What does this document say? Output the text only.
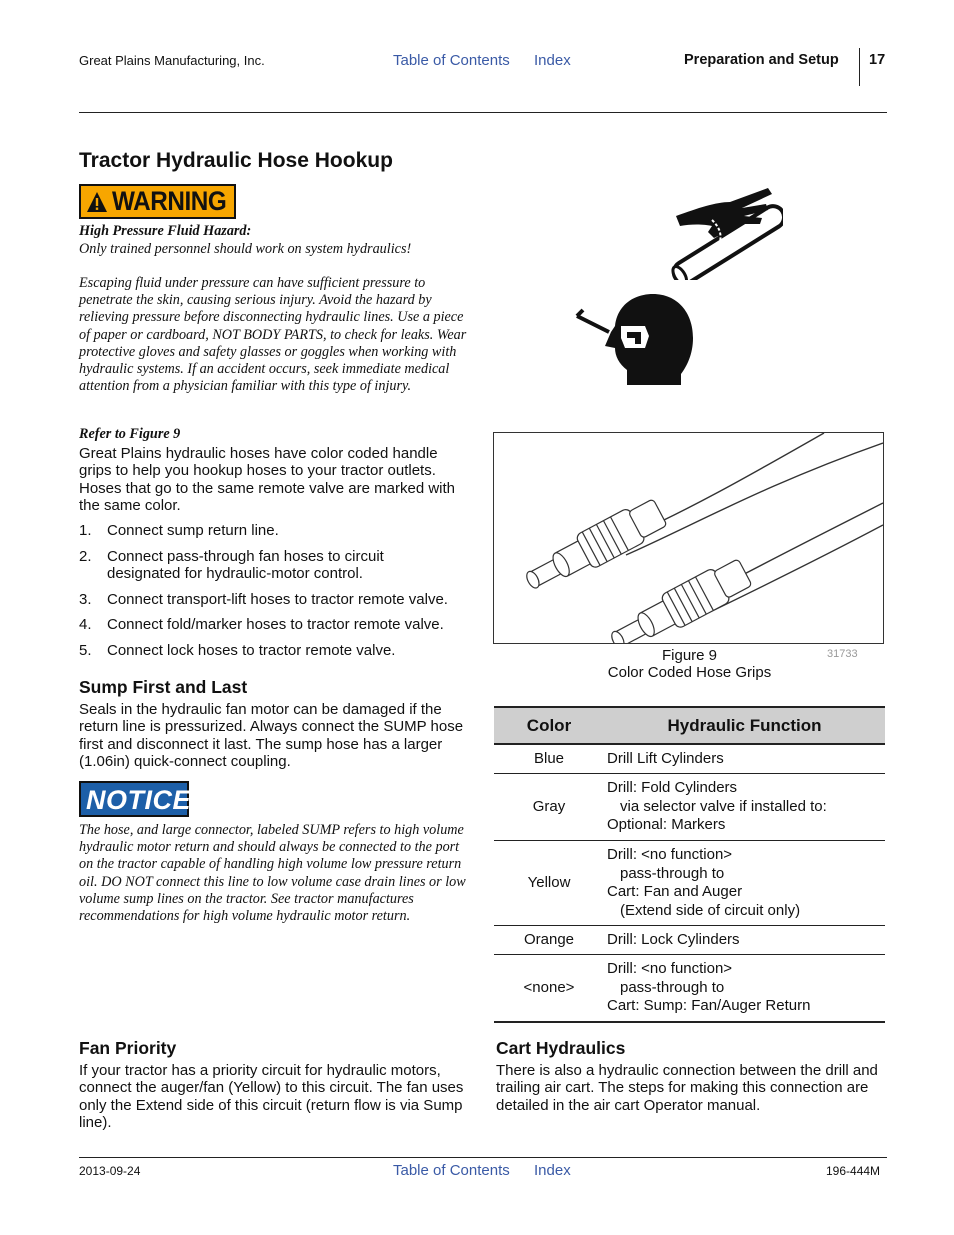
Great Plains Manufacturing, Inc.	Table of Contents Index	Preparation and Setup 17
Tractor Hydraulic Hose Hookup
WARNING
High Pressure Fluid Hazard:
Only trained personnel should work on system hydraulics!
Escaping fluid under pressure can have sufficient pressure to penetrate the skin, causing serious injury. Avoid the hazard by relieving pressure before disconnecting hydraulic lines. Use a piece of paper or cardboard, NOT BODY PARTS, to check for leaks. Wear protective gloves and safety glasses or goggles when working with hydraulic systems. If an accident occurs, seek immediate medical attention from a physician familiar with this type of injury.
Refer to Figure 9
Great Plains hydraulic hoses have color coded handle grips to help you hookup hoses to your tractor outlets. Hoses that go to the same remote valve are marked with the same color.
1. Connect sump return line.
2. Connect pass-through fan hoses to circuit designated for hydraulic-motor control.
3. Connect transport-lift hoses to tractor remote valve.
4. Connect fold/marker hoses to tractor remote valve.
5. Connect lock hoses to tractor remote valve.
Sump First and Last
Seals in the hydraulic fan motor can be damaged if the return line is pressurized. Always connect the SUMP hose first and disconnect it last. The sump hose has a larger (1.06in) quick-connect coupling.
NOTICE
The hose, and large connector, labeled SUMP refers to high volume hydraulic motor return and should always be connected to the port on the tractor capable of handling high volume low pressure return oil. DO NOT connect this line to low volume case drain lines or low volume sump lines on the tractor. See tractor manufactures recommendations for high volume hydraulic motor return.
Fan Priority
If your tractor has a priority circuit for hydraulic motors, connect the auger/fan (Yellow) to this circuit. The fan uses only the Extend side of this circuit (return flow is via Sump line).
Figure 9
Color Coded Hose Grips
31733
Color	Hydraulic Function
Blue	Drill Lift Cylinders

Gray	Drill: Fold Cylinders
via selector valve if installed to:
Optional: Markers

Yellow	Drill: <no function>
pass-through to
Cart: Fan and Auger
(Extend side of circuit only)

Orange	Drill: Lock Cylinders

<none>	Drill: <no function>
pass-through to
Cart: Sump: Fan/Auger Return
Cart Hydraulics
There is also a hydraulic connection between the drill and trailing air cart. The steps for making this connection are detailed in the air cart Operator manual.
2013-09-24	Table of Contents Index	196-444M
